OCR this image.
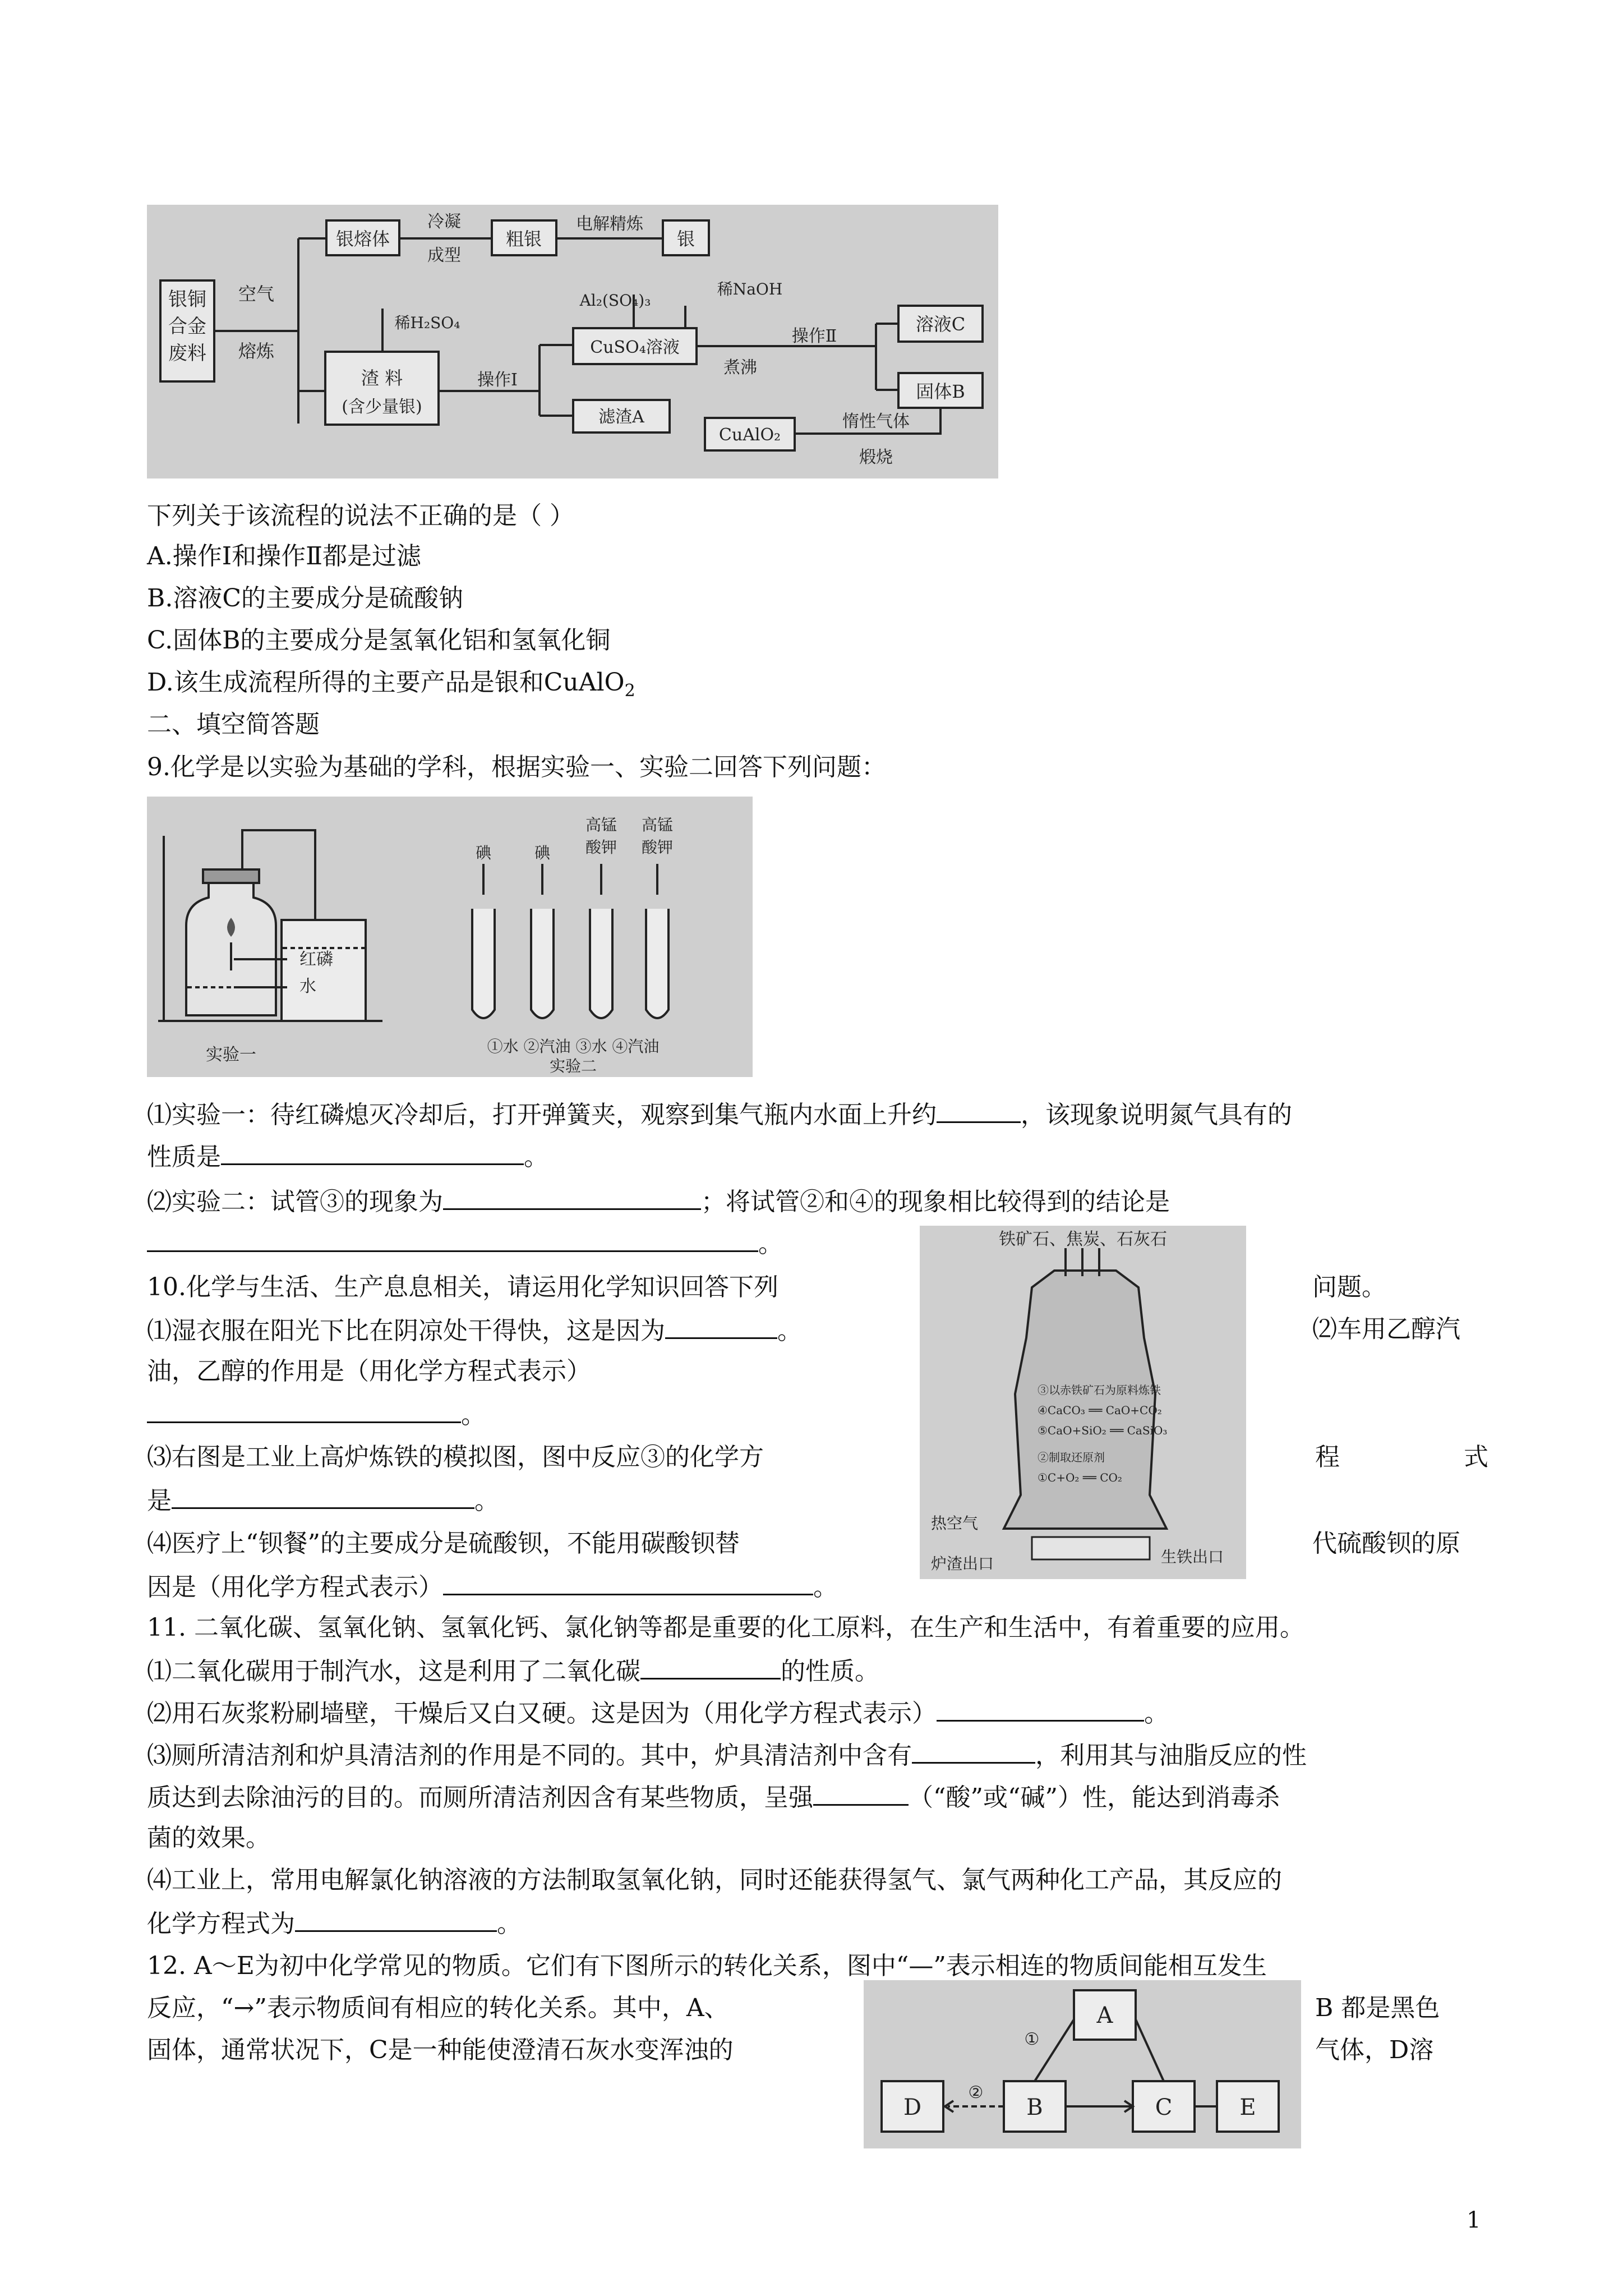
银铜
合金
废料
空气
熔炼
银熔体
冷凝
成型
粗银
电解精炼
银
Al₂(SO₄)₃
稀NaOH
稀H₂SO₄
渣 料
(含少量银)
CuSO₄溶液
煮沸
操作Ⅱ
溶液C
固体B
操作Ⅰ
滤渣A
CuAlO₂
惰性气体
煅烧
下列关于该流程的说法不正确的是（ ）
A.操作Ⅰ和操作Ⅱ都是过滤
B.溶液C的主要成分是硫酸钠
C.固体B的主要成分是氢氧化铝和氢氧化铜
D.该生成流程所得的主要产品是银和CuAlO$_2$
二、填空简答题
9.化学是以实验为基础的学科，根据实验一、实验二回答下列问题：
红磷
水
实验一
实验二
碘	碘
高锰
酸钾
高锰
酸钾
①水 ②汽油 ③水 ④汽油
⑴实验一：待红磷熄灭冷却后，打开弹簧夹，观察到集气瓶内水面上升约	，该现象说明氮气具有的
性质是	。
⑵实验二：试管③的现象为	；将试管②和④的现象相比较得到的结论是
。	铁矿石、焦炭、石灰石
③以赤铁矿石为原料炼铁
④CaCO₃ ══ CaO+CO₂
⑤CaO+SiO₂ ══ CaSiO₃
②制取还原剂
①C+O₂ ══ CO₂
热空气
炉渣出口	生铁出口
10.化学与生活、生产息息相关，请运用化学知识回答下列	问题。
⑴湿衣服在阳光下比在阴凉处干得快，这是因为	。	⑵车用乙醇汽
油，乙醇的作用是（用化学方程式表示）
。
⑶右图是工业上高炉炼铁的模拟图，图中反应③的化学方	程	式
是	。
⑷医疗上“钡餐”的主要成分是硫酸钡，不能用碳酸钡替	代硫酸钡的原
因是（用化学方程式表示）	。
11. 二氧化碳、氢氧化钠、氢氧化钙、氯化钠等都是重要的化工原料，在生产和生活中，有着重要的应用。
⑴二氧化碳用于制汽水，这是利用了二氧化碳	的性质。
⑵用石灰浆粉刷墙壁，干燥后又白又硬。这是因为（用化学方程式表示）	。
⑶厕所清洁剂和炉具清洁剂的作用是不同的。其中，炉具清洁剂中含有	，利用其与油脂反应的性
质达到去除油污的目的。而厕所清洁剂因含有某些物质，呈强	（“酸”或“碱”）性，能达到消毒杀
菌的效果。
⑷工业上，常用电解氯化钠溶液的方法制取氢氧化钠，同时还能获得氢气、氯气两种化工产品，其反应的
化学方程式为	。
12. A～E为初中化学常见的物质。它们有下图所示的转化关系，图中“—”表示相连的物质间能相互发生
反应，“→”表示物质间有相应的转化关系。其中，A、	B 都是黑色
固体，通常状况下，C是一种能使澄清石灰水变浑浊的	气体，D溶
A
D	B	C	E
①
②
1
